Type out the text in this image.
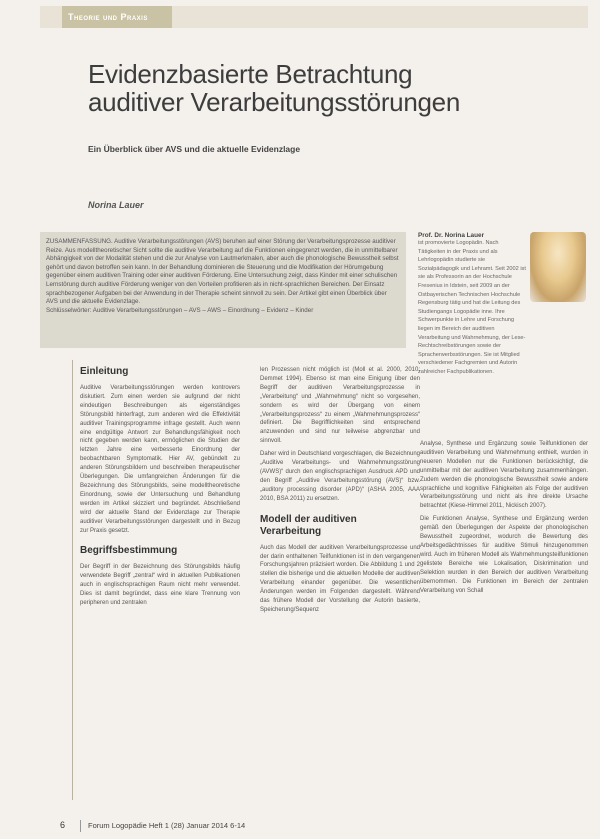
Theorie und Praxis
Evidenzbasierte Betrachtung auditiver Verarbeitungsstörungen
Ein Überblick über AVS und die aktuelle Evidenzlage
Norina Lauer

ZUSAMMENFASSUNG. Auditive Verarbeitungsstörungen (AVS) beruhen auf einer Störung der Verarbeitungsprozesse auditiver Reize. Aus modelltheoretischer Sicht sollte die auditive Verarbeitung auf die Funktionen eingegrenzt werden, die in unmittelbarer Abhängigkeit von der Modalität stehen und die zur Analyse von Lautmerkmalen, aber auch die phonologische Bewusstheit selbst gehört und davon betroffen sein kann. In der Behandlung dominieren die Steuerung und die Modifikation der Hörumgebung gegenüber einem auditiven Training oder einer auditiven Förderung. Eine Untersuchung zeigt, dass Kinder mit einer schulischen Lernstörung durch auditive Förderung weniger von den Vorteilen profitieren als in nicht-sprachlichen Bereichen. Der Einsatz sprachbezogener Aufgaben bei der Anwendung in der Therapie scheint sinnvoll zu sein. Der Artikel gibt einen Überblick über AVS und die aktuelle Evidenzlage.

Schlüsselwörter: Auditive Verarbeitungsstörungen – AVS – AWS – Einordnung – Evidenz – Kinder

Prof. Dr. Norina Lauer
ist promovierte Logopädin. Nach Tätigkeiten in der Praxis und als Lehrlogopädin studierte sie Sozialpädagogik und Lehramt. Seit 2002 ist sie als Professorin an der Hochschule Fresenius in Idstein, seit 2009 an der Ostbayerischen Technischen Hochschule Regensburg tätig und hat die Leitung des Studiengangs Logopädie inne. Ihre Schwerpunkte in Lehre und Forschung liegen im Bereich der auditiven Verarbeitung und Wahrnehmung, der Lese-Rechtschreibstörungen sowie der Spracherwerbsstörungen. Sie ist Mitglied verschiedener Fachgremien und Autorin zahlreicher Fachpublikationen.
Einleitung

Auditive Verarbeitungsstörungen werden kontrovers diskutiert. Zum einen werden sie aufgrund der nicht eindeutigen Beschreibungen als eigenständiges Störungsbild hinterfragt, zum anderen wird die Effektivität auditiver Trainingsprogramme infrage gestellt. Auch wenn eine endgültige Antwort zur Behandlungsfähigkeit noch nicht gegeben werden kann, ermöglichen die Studien der letzten Jahre eine verbesserte Einordnung der beobachtbaren Symptomatik. Hier AV, gebündelt zu anderen Störungsbildern und beschreiben therapeutischer Überlegungen. Die umfangreichen Änderungen für die Bezeichnung des Störungsbilds, seine modelltheoretische Einordnung, sowie der Untersuchung und Behandlung werden im Artikel skizziert und begründet. Abschließend wird der aktuelle Stand der Evidenzlage zur Therapie auditiver Verarbeitungsstörungen dargestellt und in Bezug zur Praxis gesetzt.

Begriffsbestimmung

Der Begriff in der Bezeichnung des Störungsbilds häufig verwendete Begriff „zentral“ wird in aktuellen Publikationen auch in englischsprachigen Raum nicht mehr verwendet. Dies ist damit begründet, dass eine klare Trennung von peripheren und zentralen

len Prozessen nicht möglich ist (Moll et al. 2000, 2010; Demmet 1994). Ebenso ist man eine Einigung über den Begriff der auditiven Verarbeitungsprozesse in „Verarbeitung“ und „Wahrnehmung“ nicht so vorgesehen, sondern es wird der Übergang von einem „Verarbeitungsprozess“ zu einem „Wahrnehmungsprozess“ definiert. Die Begrifflichkeiten sind entsprechend anzuwenden und sind nur teilweise abgrenzbar und sinnvoll.

Daher wird in Deutschland vorgeschlagen, die Bezeichnung „Auditive Verarbeitungs- und Wahrnehmungsstörung (AVWS)“ durch den englischsprachigen Ausdruck APD und den Begriff „Auditive Verarbeitungsstörung (AVS)“ bzw. „auditory processing disorder (APD)“ (ASHA 2005, AAA 2010, BSA 2011) zu ersetzen.

Modell der auditiven Verarbeitung

Auch das Modell der auditiven Verarbeitungsprozesse und der darin enthaltenen Teilfunktionen ist in den vergangenen Forschungsjahren präzisiert worden. Die Abbildung 1 und 2 stellen die bisherige und die aktuellen Modelle der auditiven Verarbeitung einander gegenüber. Die wesentlichen Änderungen werden im Folgenden dargestellt. Während das frühere Modell der Vorstellung der Autorin basierte, Speicherung/Sequenz

Analyse, Synthese und Ergänzung sowie Teilfunktionen der auditiven Verarbeitung und Wahrnehmung enthielt, wurden in neueren Modellen nur die Funktionen berücksichtigt, die unmittelbar mit der auditiven Verarbeitung zusammenhängen. Zudem werden die phonologische Bewusstheit sowie andere sprachliche und kognitive Fähigkeiten als Folge der auditiven Verarbeitungsstörung und nicht als ihre direkte Ursache betrachtet (Kiese-Himmel 2011, Nickisch 2007).

Die Funktionen Analyse, Synthese und Ergänzung werden gemäß den Überlegungen der Aspekte der phonologischen Bewusstheit zugeordnet, wodurch die Bewertung des Arbeitsgedächtnisses für auditive Stimuli hinzugenommen wird. Auch im früheren Modell als Wahrnehmungsteilfunktionen gelistete Bereiche wie Lokalisation, Diskrimination und Selektion wurden in den Bereich der auditiven Verarbeitung übernommen. Die Funktionen im Bereich der zentralen Verarbeitung von Schall

6	Forum Logopädie Heft 1 (28) Januar 2014 6-14
